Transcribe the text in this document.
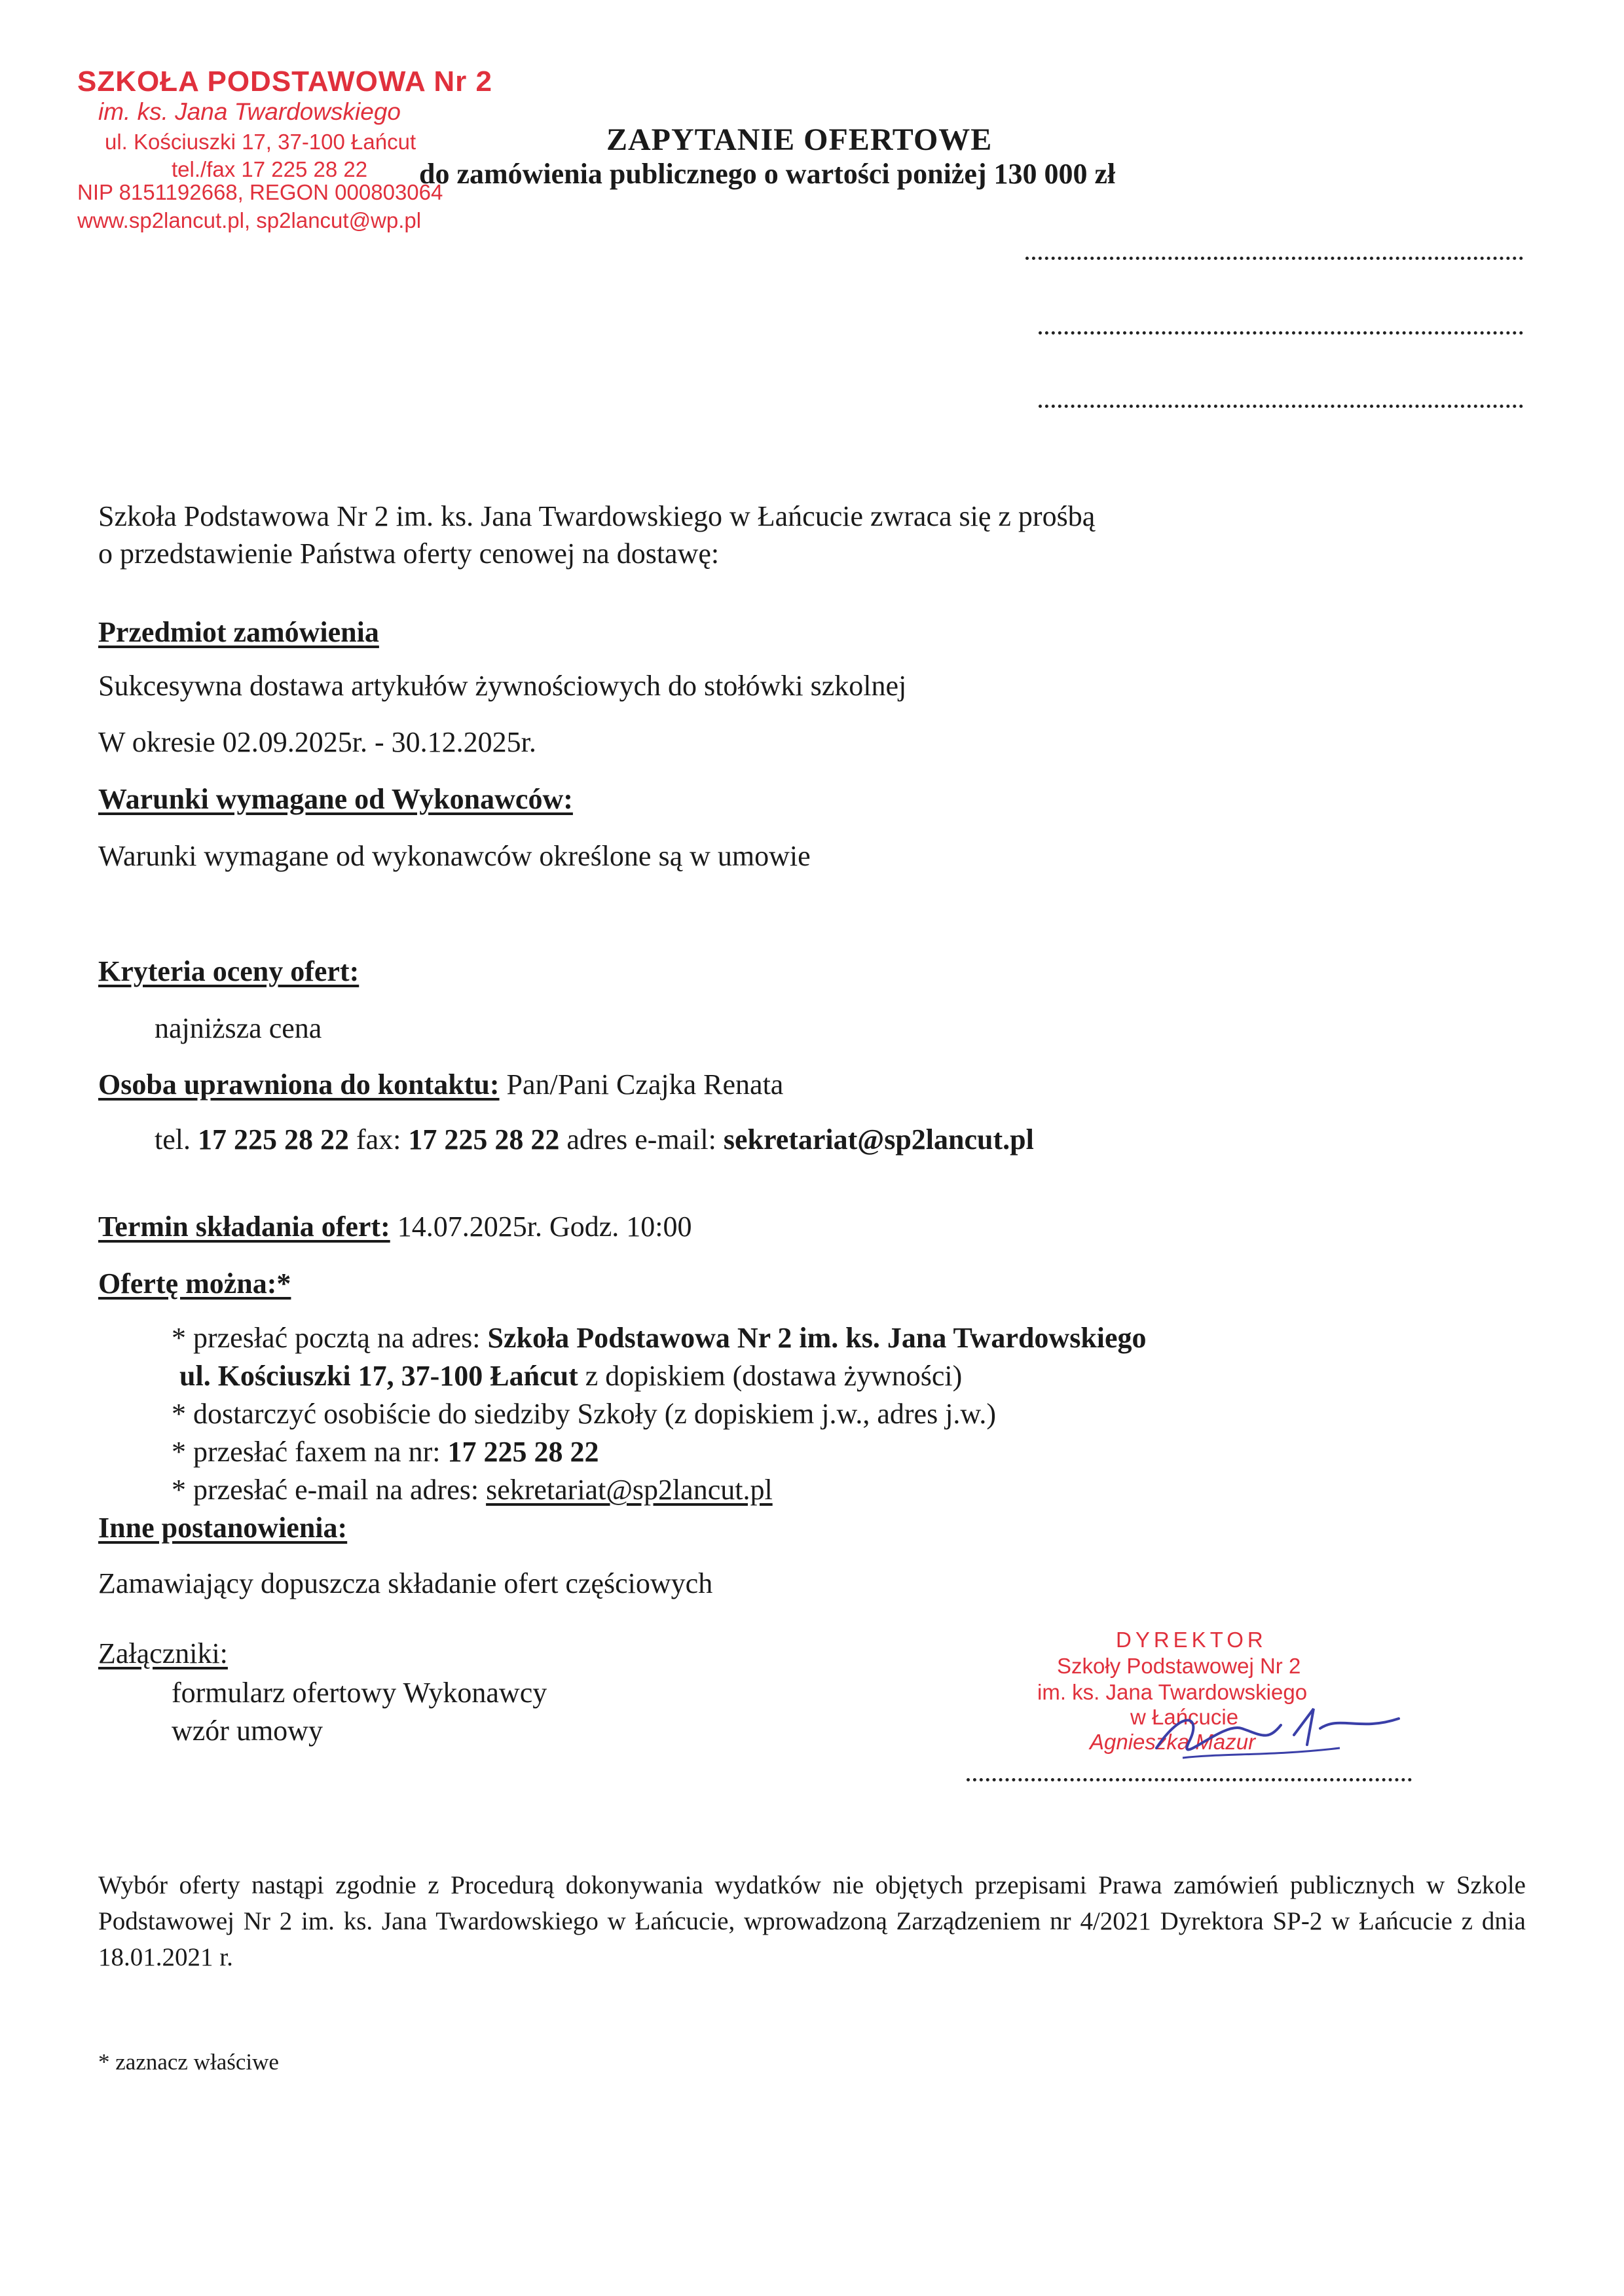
SZKOŁA PODSTAWOWA Nr 2
im. ks. Jana Twardowskiego
ul. Kościuszki 17, 37-100 Łańcut
tel./fax 17 225 28 22
NIP 8151192668, REGON 000803064
www.sp2lancut.pl, sp2lancut@wp.pl
ZAPYTANIE OFERTOWE
do zamówienia publicznego o wartości poniżej 130 000 zł
Szkoła Podstawowa Nr 2 im. ks. Jana Twardowskiego w Łańcucie zwraca się z prośbą
o przedstawienie Państwa oferty cenowej na dostawę:
Przedmiot zamówienia
Sukcesywna dostawa artykułów żywnościowych do stołówki szkolnej
W okresie 02.09.2025r. - 30.12.2025r.
Warunki wymagane od Wykonawców:
Warunki wymagane od wykonawców określone są w umowie
Kryteria oceny ofert:
najniższa cena
Osoba uprawniona do kontaktu: Pan/Pani Czajka Renata
tel. 17 225 28 22 fax: 17 225 28 22 adres e-mail: sekretariat@sp2lancut.pl
Termin składania ofert: 14.07.2025r. Godz. 10:00
Ofertę można:*
* przesłać pocztą na adres: Szkoła Podstawowa Nr 2 im. ks. Jana Twardowskiego
ul. Kościuszki 17, 37-100 Łańcut z dopiskiem (dostawa żywności)
* dostarczyć osobiście do siedziby Szkoły (z dopiskiem j.w., adres j.w.)
* przesłać faxem na nr: 17 225 28 22
* przesłać e-mail na adres: sekretariat@sp2lancut.pl
Inne postanowienia:
Zamawiający dopuszcza składanie ofert częściowych
Załączniki:
formularz ofertowy Wykonawcy
wzór umowy
DYREKTOR
Szkoły Podstawowej Nr 2
im. ks. Jana Twardowskiego
w Łańcucie
Agnieszka Mazur
Wybór oferty nastąpi zgodnie z Procedurą dokonywania wydatków nie objętych przepisami Prawa zamówień publicznych w Szkole Podstawowej Nr 2 im. ks. Jana Twardowskiego w Łańcucie, wprowadzoną Zarządzeniem nr 4/2021 Dyrektora SP-2 w Łańcucie z dnia 18.01.2021 r.
* zaznacz właściwe
